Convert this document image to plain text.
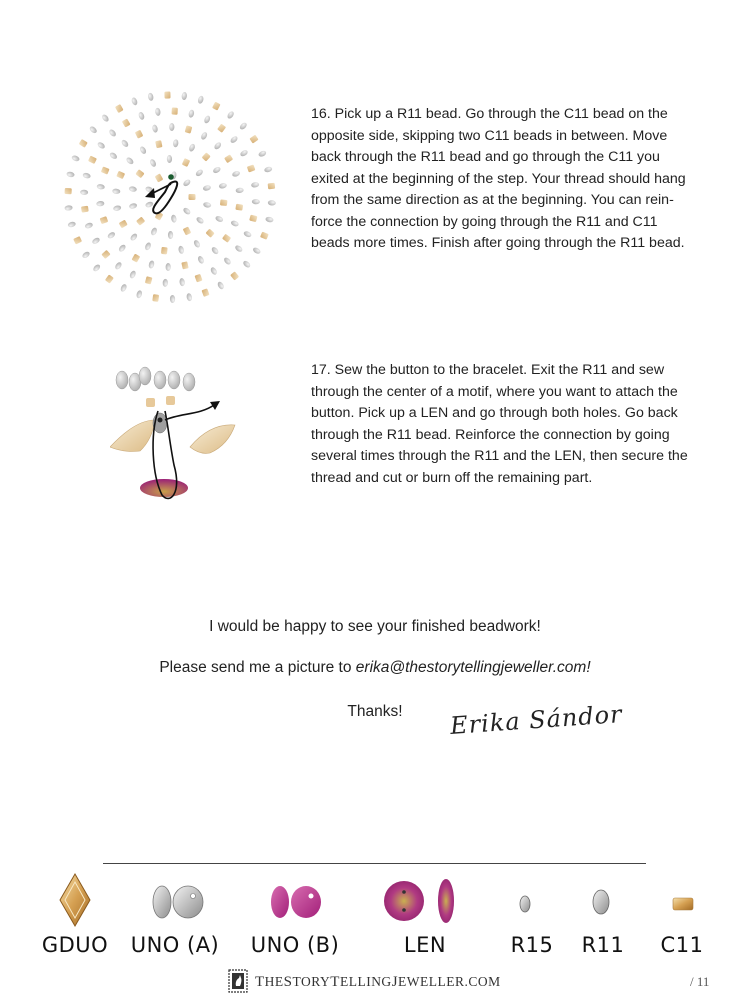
16. Pick up a R11 bead. Go through the C11 bead on the opposite side, skipping two C11 beads in between. Move back through the R11 bead and go through the C11 you exited at the beginning of the step. Your thread should hang from the same direction as at the beginning. You can rein-force the connection by going through the R11 and C11 beads more times. Finish after going through the R11 bead.
17. Sew the button to the bracelet. Exit the R11 and sew through the center of a motif, where you want to attach the button. Pick up a LEN and go through both holes. Go back through the R11 bead. Reinforce the connection by going several times through the R11 and the LEN, then secure the thread and cut or burn off the remaining part.
I would be happy to see your finished beadwork!
Please send me a picture to erika@thestorytellingjeweller.com!
Thanks!	Erika Sándor
GDUO	UNO (A) UNO (B)	LEN	R15	R11	C11
THESTORYTELLINGJEWELLER.COM	/ 11
